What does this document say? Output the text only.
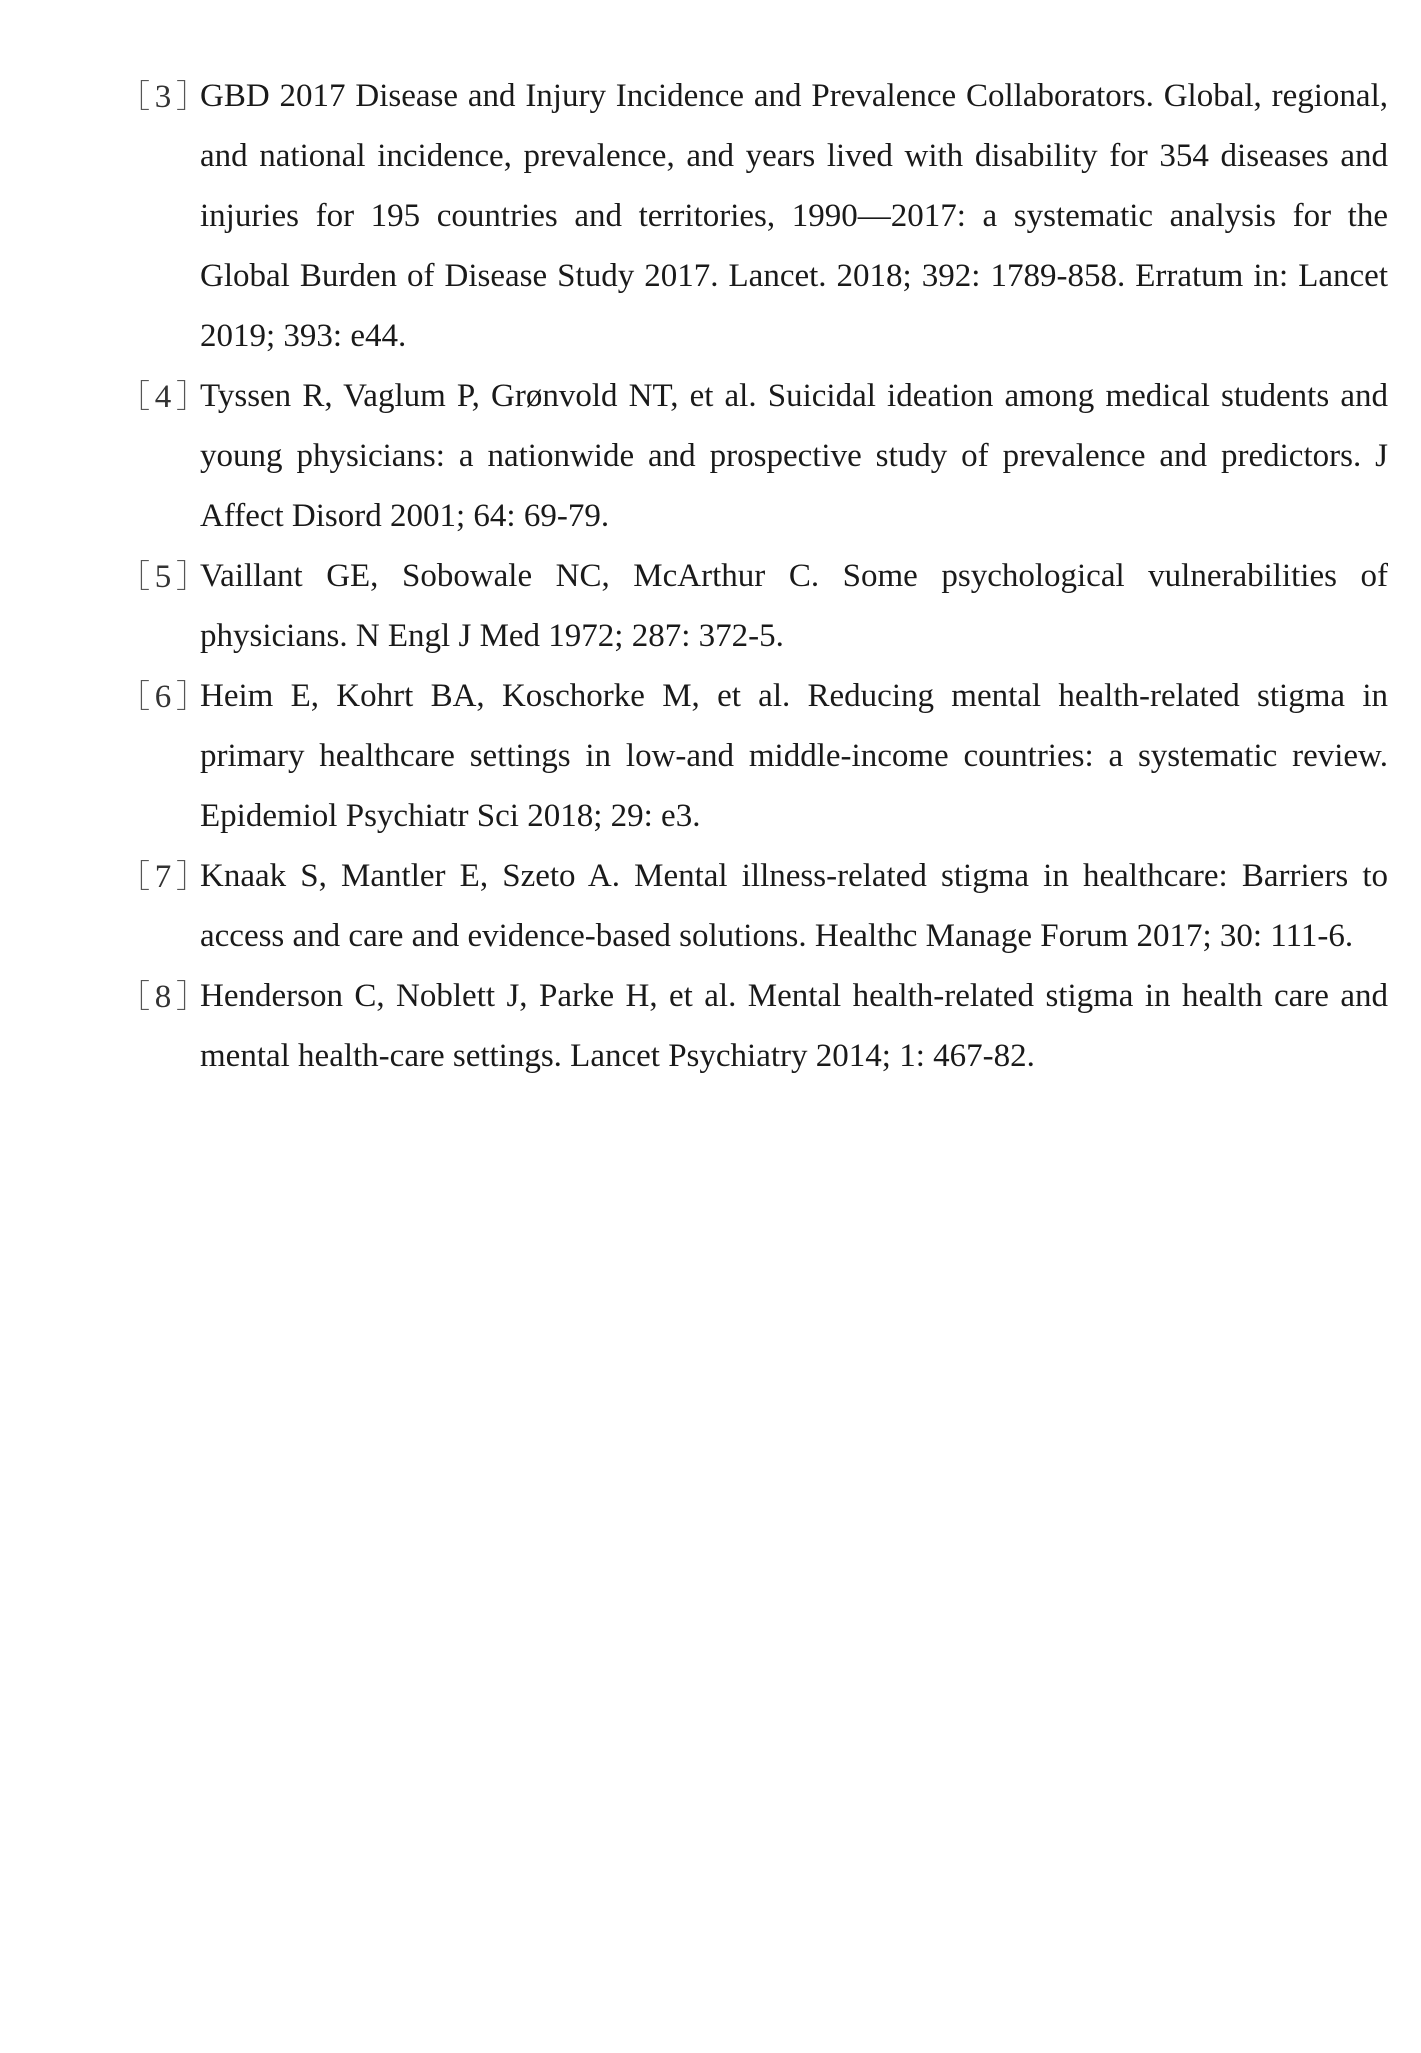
［ 3 ］
GBD 2017 Disease and Injury Incidence and Prevalence Collaborators. Global, regional, and national incidence, prevalence, and years lived with disability for 354 diseases and injuries for 195 countries and territories, 1990—2017: a systematic analysis for the Global Burden of Disease Study 2017. Lancet. 2018; 392: 1789-858. Erratum in: Lancet 2019; 393: e44.
［ 4 ］
Tyssen R, Vaglum P, Grønvold NT, et al. Suicidal ideation among medical students and young physicians: a nationwide and prospective study of prevalence and predictors. J Affect Disord 2001; 64: 69-79.
［ 5 ］
Vaillant GE, Sobowale NC, McArthur C. Some psychological vulnerabilities of physicians. N Engl J Med 1972; 287: 372-5.
［ 6 ］
Heim E, Kohrt BA, Koschorke M, et al. Reducing mental health-related stigma in primary healthcare settings in low-and middle-income countries: a systematic review. Epidemiol Psychiatr Sci 2018; 29: e3.
［ 7 ］
Knaak S, Mantler E, Szeto A. Mental illness-related stigma in healthcare: Barriers to access and care and evidence-based solutions. Healthc Manage Forum 2017; 30: 111-6.
［ 8 ］
Henderson C, Noblett J, Parke H, et al. Mental health-related stigma in health care and mental health-care settings. Lancet Psychiatry 2014; 1: 467-82.
